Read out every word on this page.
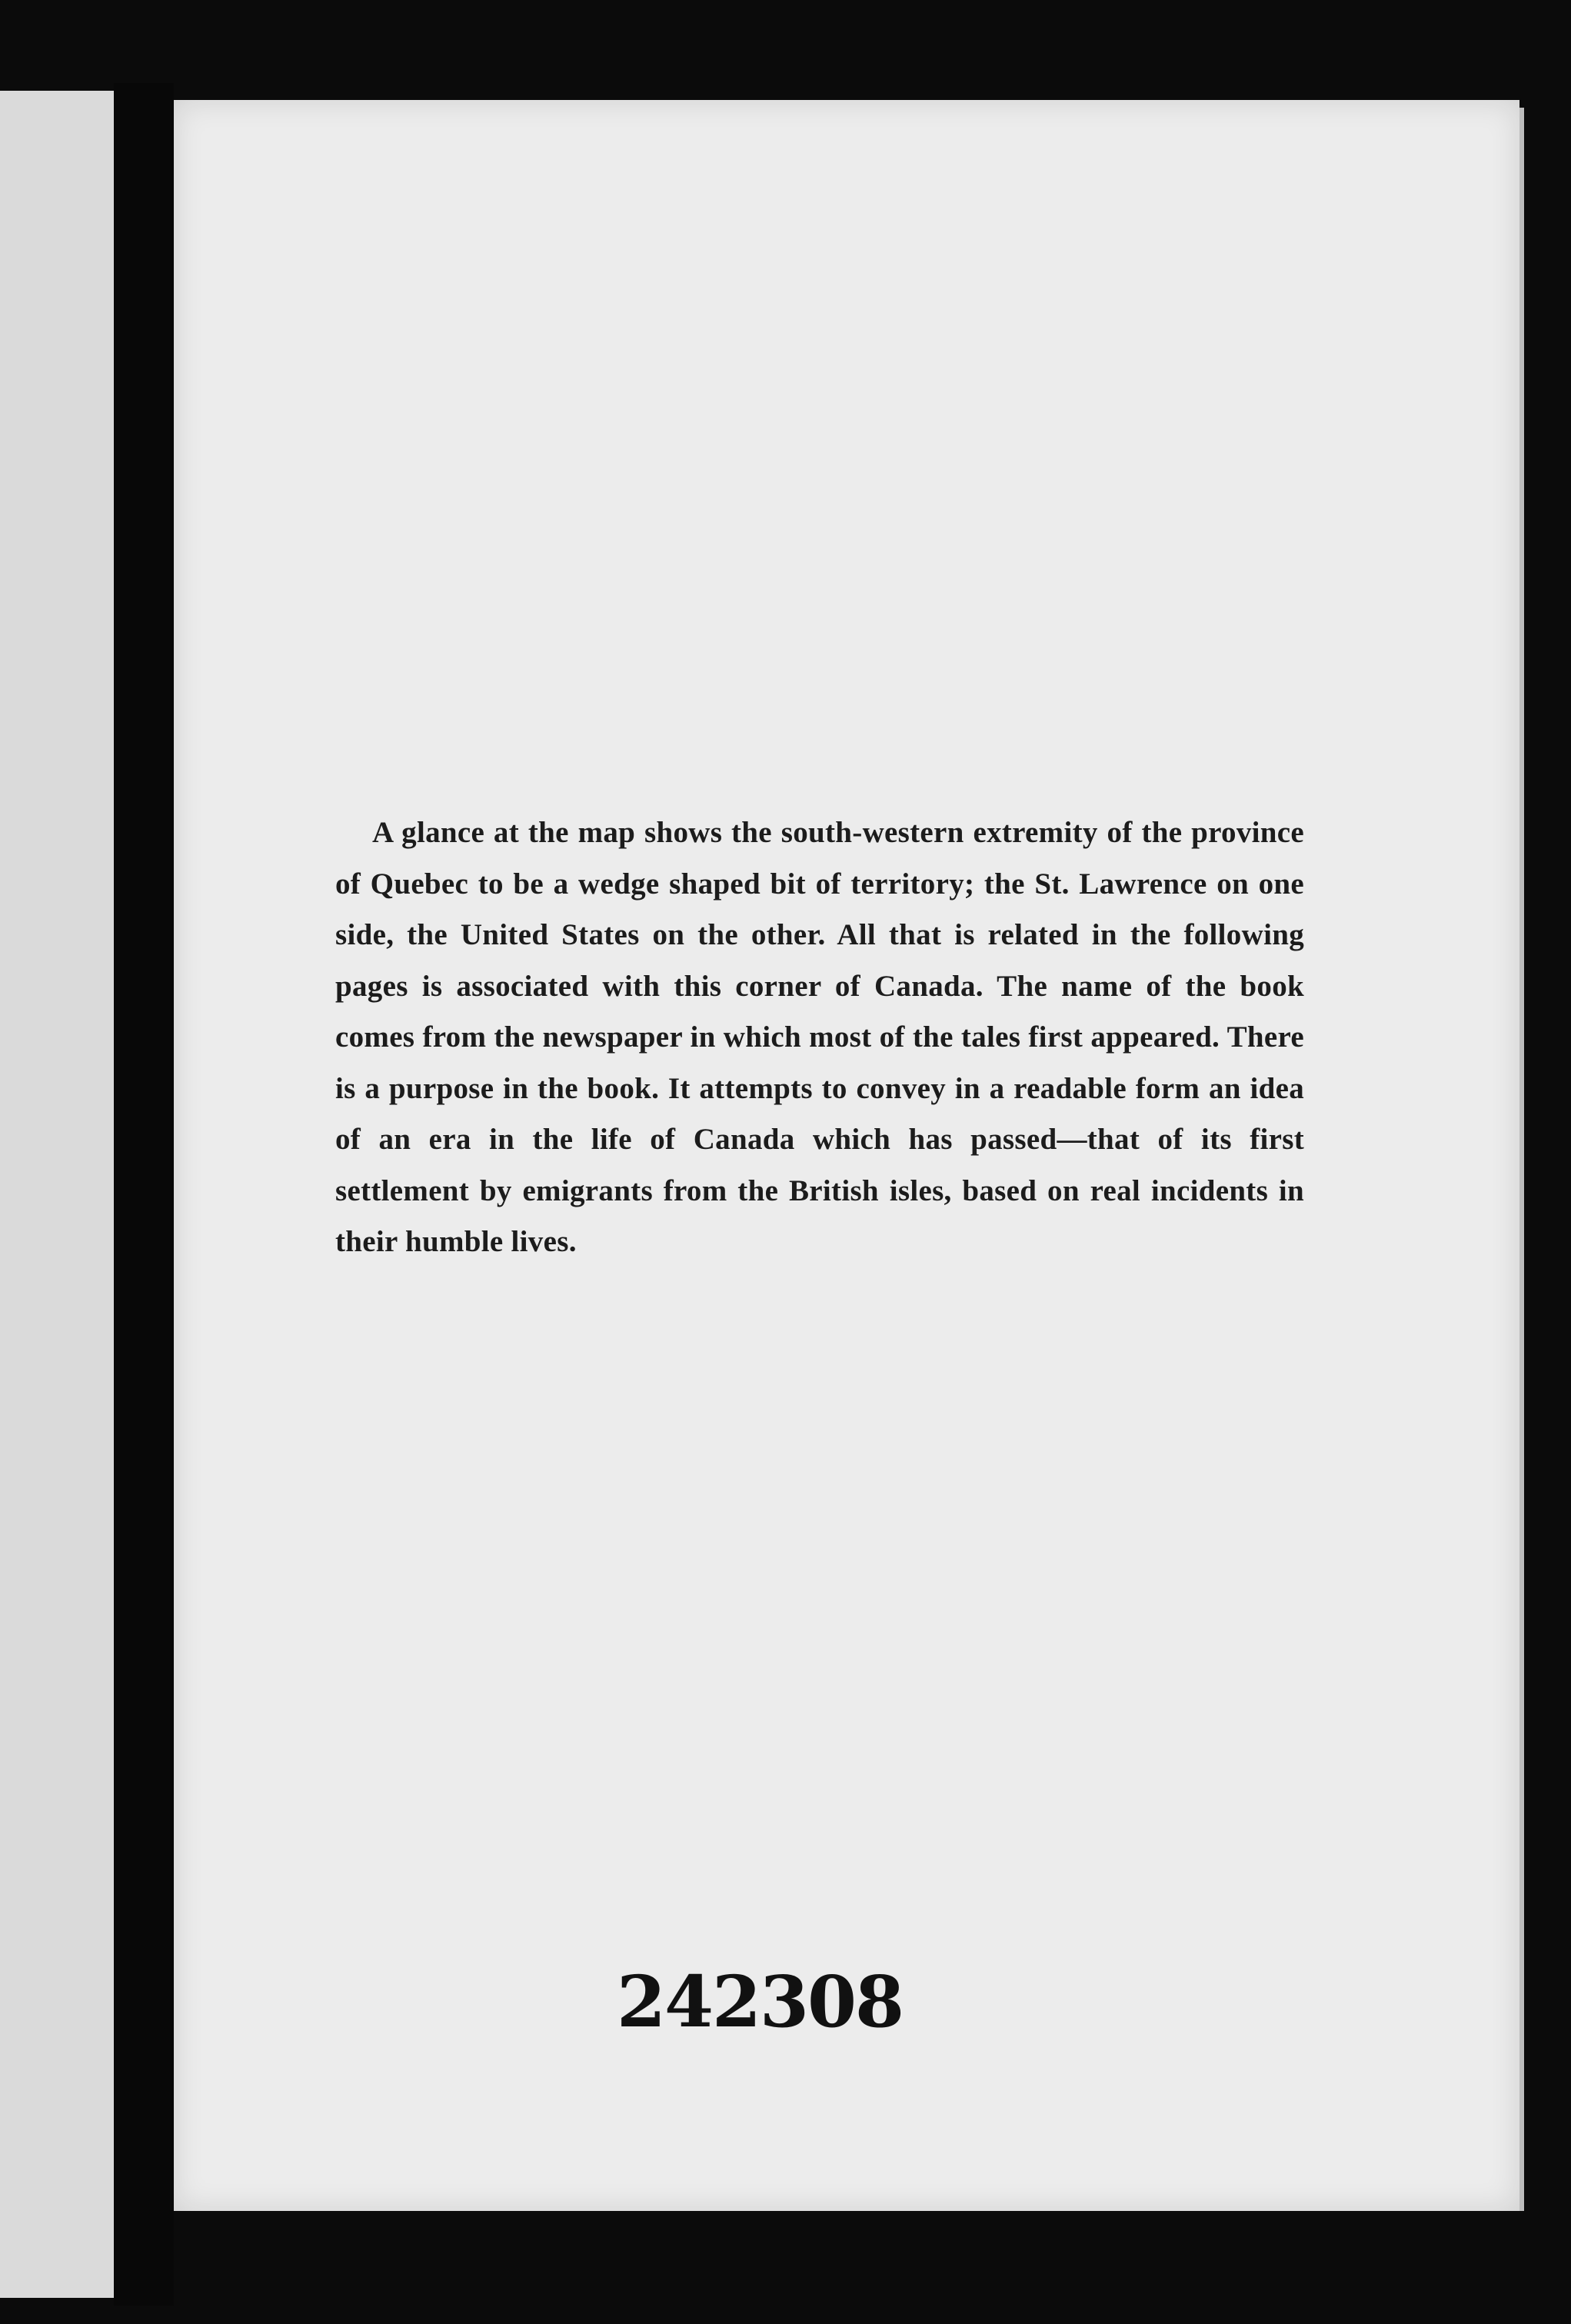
A glance at the map shows the south-western extremity of the province of Quebec to be a wedge shaped bit of territory; the St. Lawrence on one side, the United States on the other. All that is related in the following pages is associated with this corner of Canada. The name of the book comes from the newspaper in which most of the tales first appeared. There is a purpose in the book. It attempts to convey in a readable form an idea of an era in the life of Canada which has passed—that of its first settlement by emigrants from the British isles, based on real incidents in their humble lives.

242308
